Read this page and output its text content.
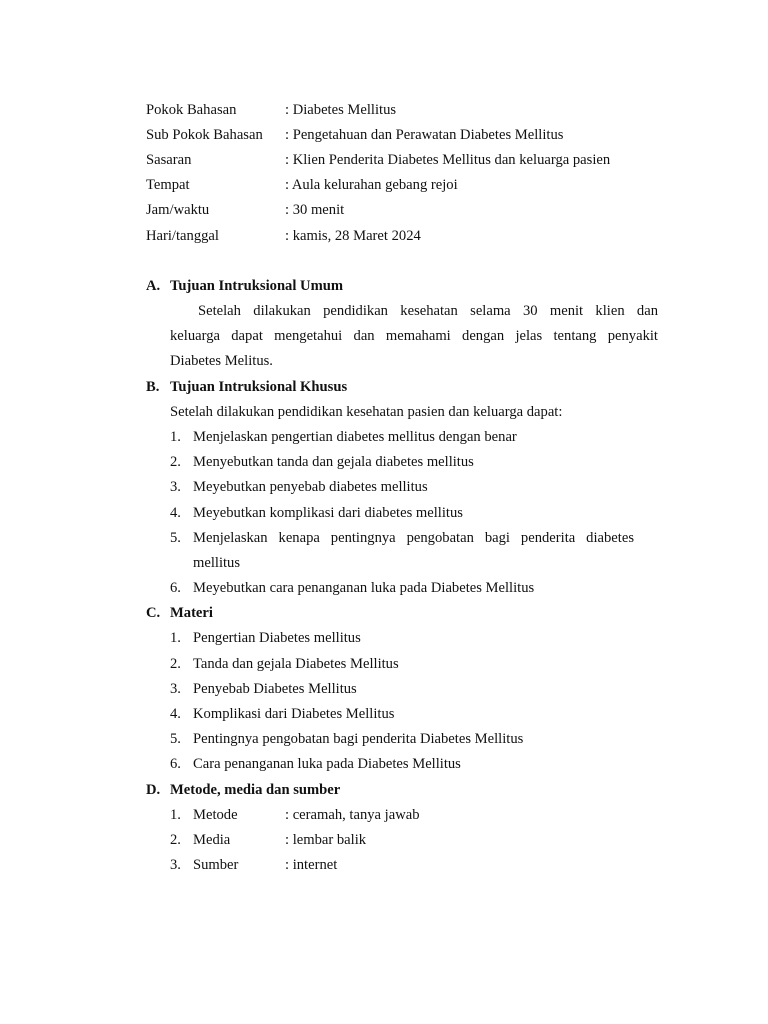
Pokok Bahasan	: Diabetes Mellitus
Sub Pokok Bahasan : Pengetahuan dan Perawatan Diabetes Mellitus
Sasaran	: Klien Penderita Diabetes Mellitus dan keluarga pasien
Tempat	: Aula kelurahan gebang rejoi
Jam/waktu	: 30 menit
Hari/tanggal	: kamis, 28 Maret 2024
A. Tujuan Intruksional Umum
Setelah dilakukan pendidikan kesehatan selama 30 menit klien dan
keluarga dapat mengetahui dan memahami dengan jelas tentang penyakit
Diabetes Melitus.
B. Tujuan Intruksional Khusus
Setelah dilakukan pendidikan kesehatan pasien dan keluarga dapat:
1. Menjelaskan pengertian diabetes mellitus dengan benar
2. Menyebutkan tanda dan gejala diabetes mellitus
3. Meyebutkan penyebab diabetes mellitus
4. Meyebutkan komplikasi dari diabetes mellitus
5. Menjelaskan kenapa pentingnya pengobatan bagi penderita diabetes
mellitus
6. Meyebutkan cara penanganan luka pada Diabetes Mellitus
C. Materi
1. Pengertian Diabetes mellitus
2. Tanda dan gejala Diabetes Mellitus
3. Penyebab Diabetes Mellitus
4. Komplikasi dari Diabetes Mellitus
5. Pentingnya pengobatan bagi penderita Diabetes Mellitus
6. Cara penanganan luka pada Diabetes Mellitus
D. Metode, media dan sumber
1. Metode	: ceramah, tanya jawab
2. Media	: lembar balik
3. Sumber	: internet
